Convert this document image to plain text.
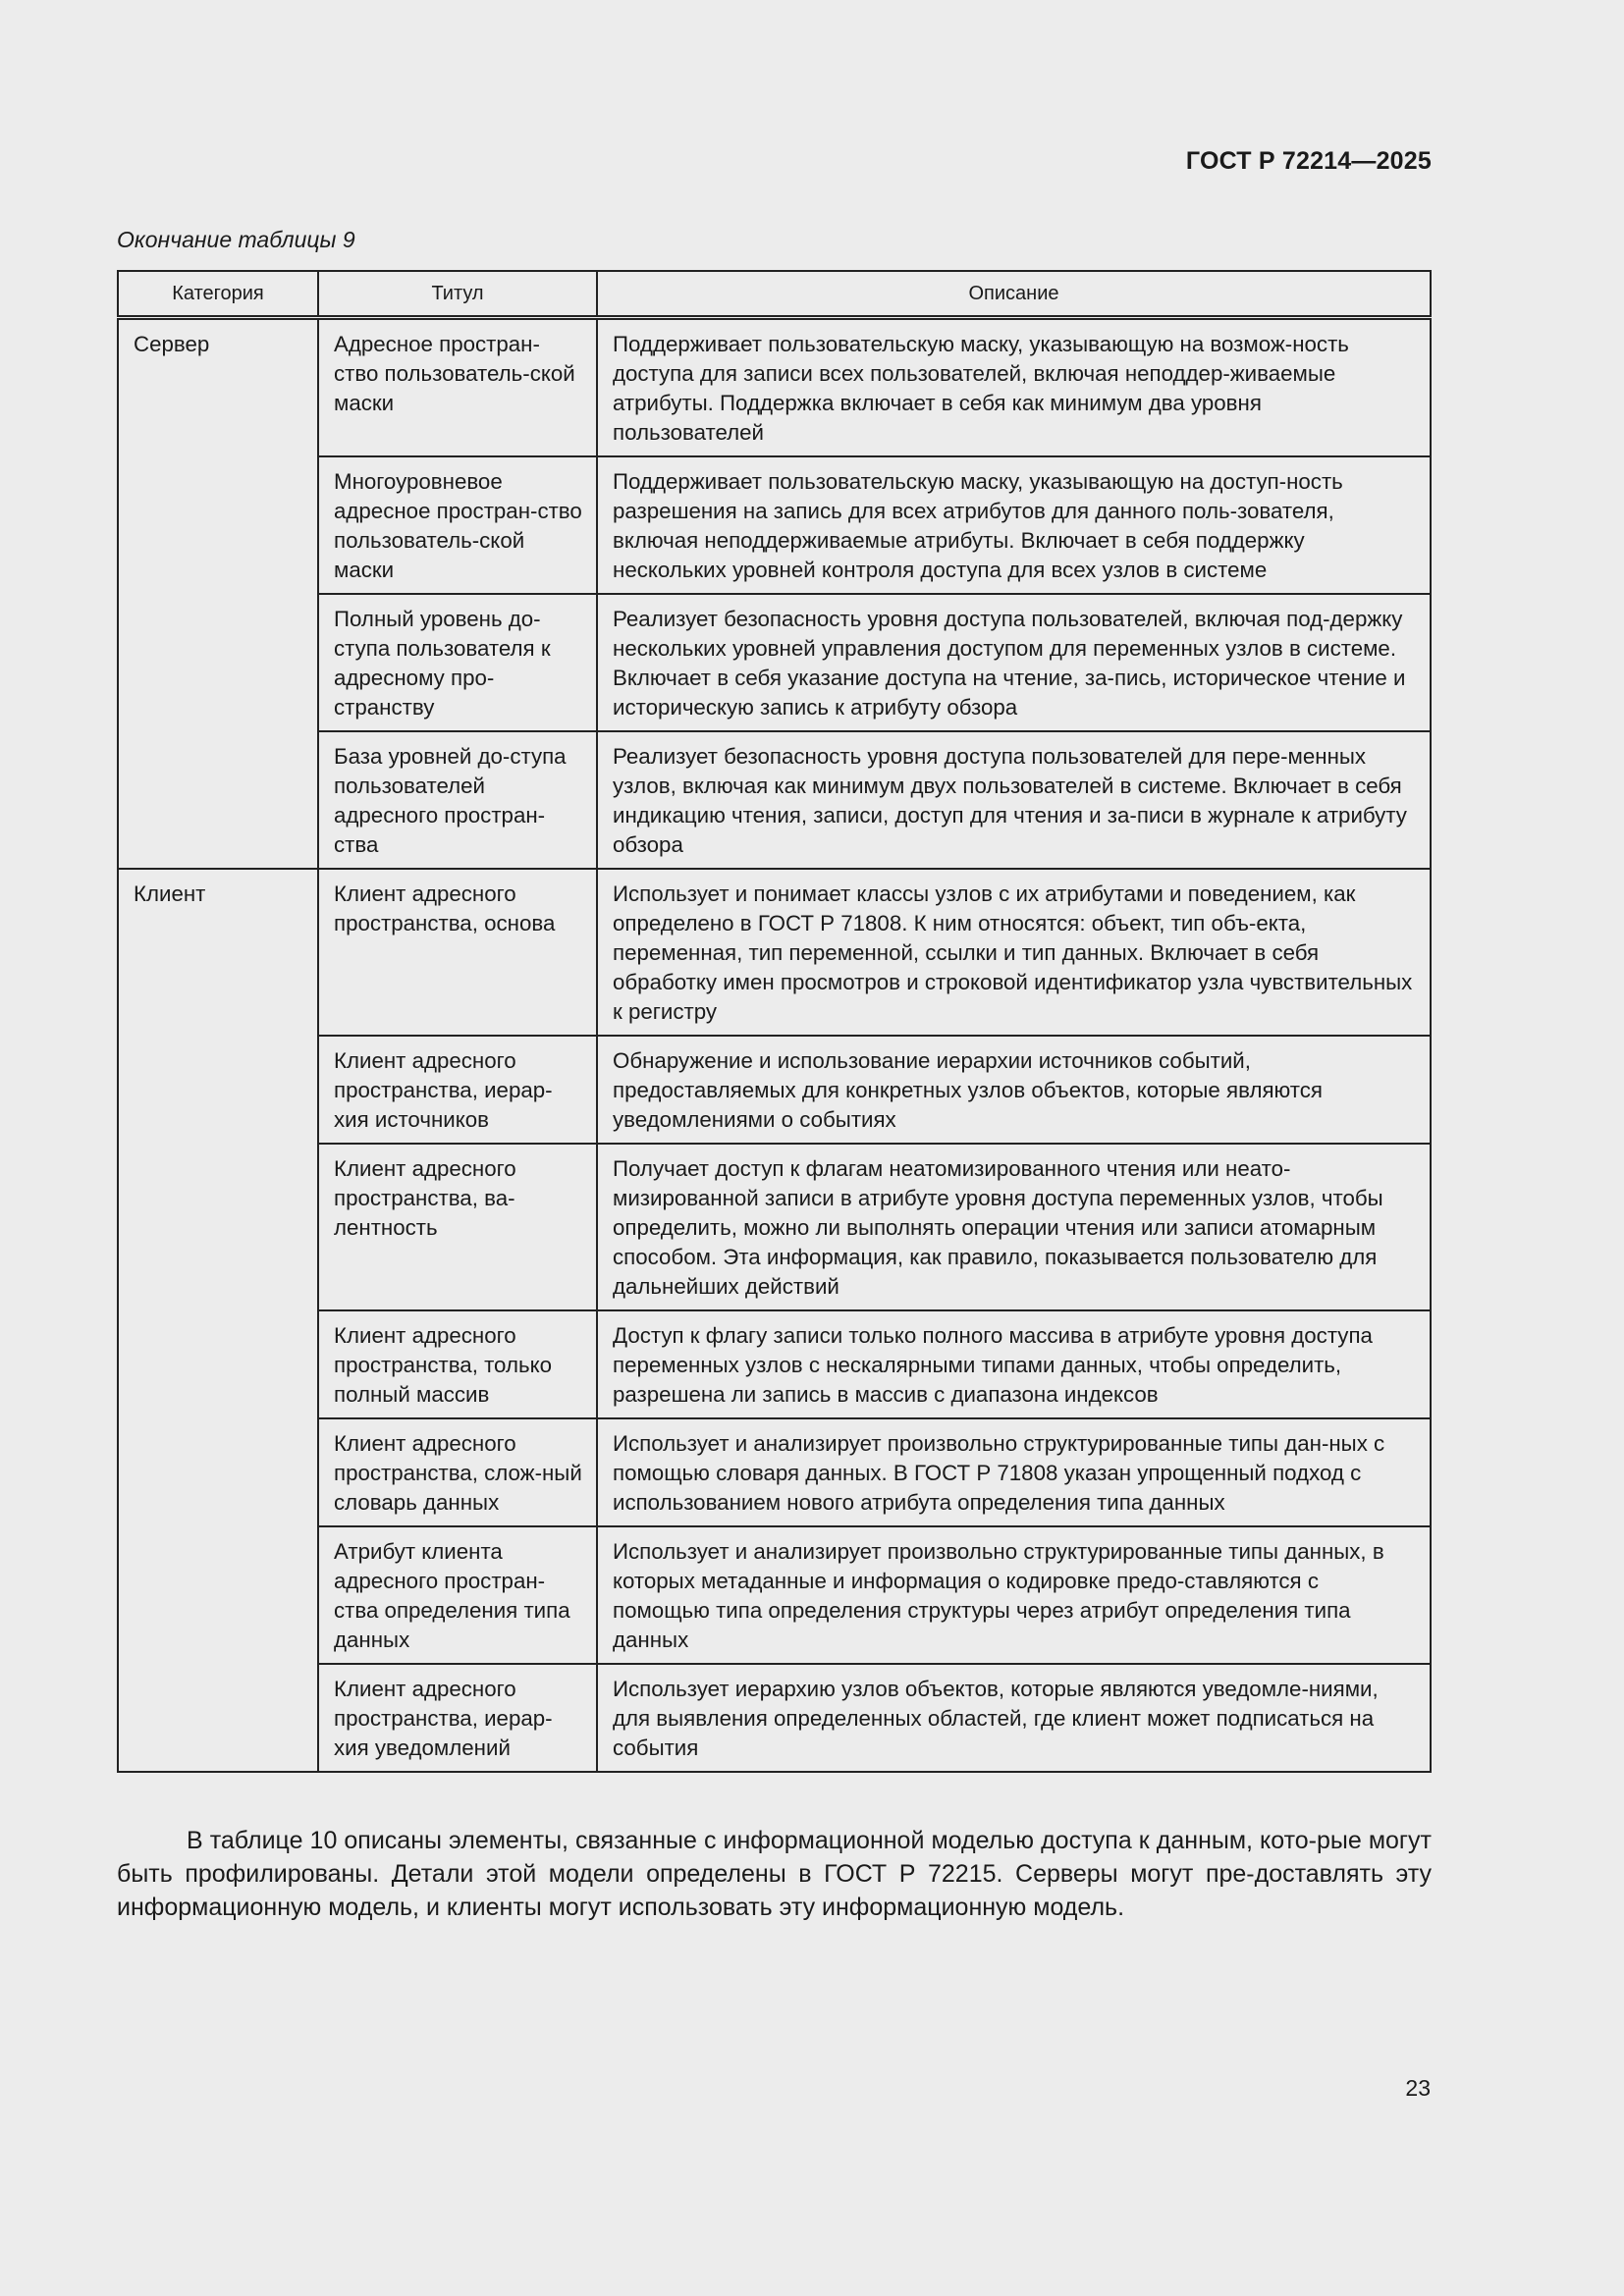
ГОСТ Р 72214—2025
Окончание таблицы 9
Категория	Титул	Описание
Сервер	Адресное простран-ство пользователь-ской маски	Поддерживает пользовательскую маску, указывающую на возмож-ность доступа для записи всех пользователей, включая неподдер-живаемые атрибуты. Поддержка включает в себя как минимум два уровня пользователей
	Многоуровневое адресное простран-ство пользователь-ской маски	Поддерживает пользовательскую маску, указывающую на доступ-ность разрешения на запись для всех атрибутов для данного поль-зователя, включая неподдерживаемые атрибуты. Включает в себя поддержку нескольких уровней контроля доступа для всех узлов в системе
	Полный уровень до-ступа пользователя к адресному про-странству	Реализует безопасность уровня доступа пользователей, включая под-держку нескольких уровней управления доступом для переменных узлов в системе. Включает в себя указание доступа на чтение, за-пись, историческое чтение и историческую запись к атрибуту обзора
	База уровней до-ступа пользователей адресного простран-ства	Реализует безопасность уровня доступа пользователей для пере-менных узлов, включая как минимум двух пользователей в системе. Включает в себя индикацию чтения, записи, доступ для чтения и за-писи в журнале к атрибуту обзора
Клиент	Клиент адресного пространства, основа	Использует и понимает классы узлов с их атрибутами и поведением, как определено в ГОСТ Р 71808. К ним относятся: объект, тип объ-екта, переменная, тип переменной, ссылки и тип данных. Включает в себя обработку имен просмотров и строковой идентификатор узла чувствительных к регистру
	Клиент адресного пространства, иерар-хия источников	Обнаружение и использование иерархии источников событий, предоставляемых для конкретных узлов объектов, которые являются уведомлениями о событиях
	Клиент адресного пространства, ва-лентность	Получает доступ к флагам неатомизированного чтения или неато-мизированной записи в атрибуте уровня доступа переменных узлов, чтобы определить, можно ли выполнять операции чтения или записи атомарным способом. Эта информация, как правило, показывается пользователю для дальнейших действий
	Клиент адресного пространства, только полный массив	Доступ к флагу записи только полного массива в атрибуте уровня доступа переменных узлов с нескалярными типами данных, чтобы определить, разрешена ли запись в массив с диапазона индексов
	Клиент адресного пространства, слож-ный словарь данных	Использует и анализирует произвольно структурированные типы дан-ных с помощью словаря данных. В ГОСТ Р 71808 указан упрощенный подход с использованием нового атрибута определения типа данных
	Атрибут клиента адресного простран-ства определения типа данных	Использует и анализирует произвольно структурированные типы данных, в которых метаданные и информация о кодировке предо-ставляются с помощью типа определения структуры через атрибут определения типа данных
	Клиент адресного пространства, иерар-хия уведомлений	Использует иерархию узлов объектов, которые являются уведомле-ниями, для выявления определенных областей, где клиент может подписаться на события
В таблице 10 описаны элементы, связанные с информационной моделью доступа к данным, кото-рые могут быть профилированы. Детали этой модели определены в ГОСТ Р 72215. Серверы могут пре-доставлять эту информационную модель, и клиенты могут использовать эту информационную модель.
23
